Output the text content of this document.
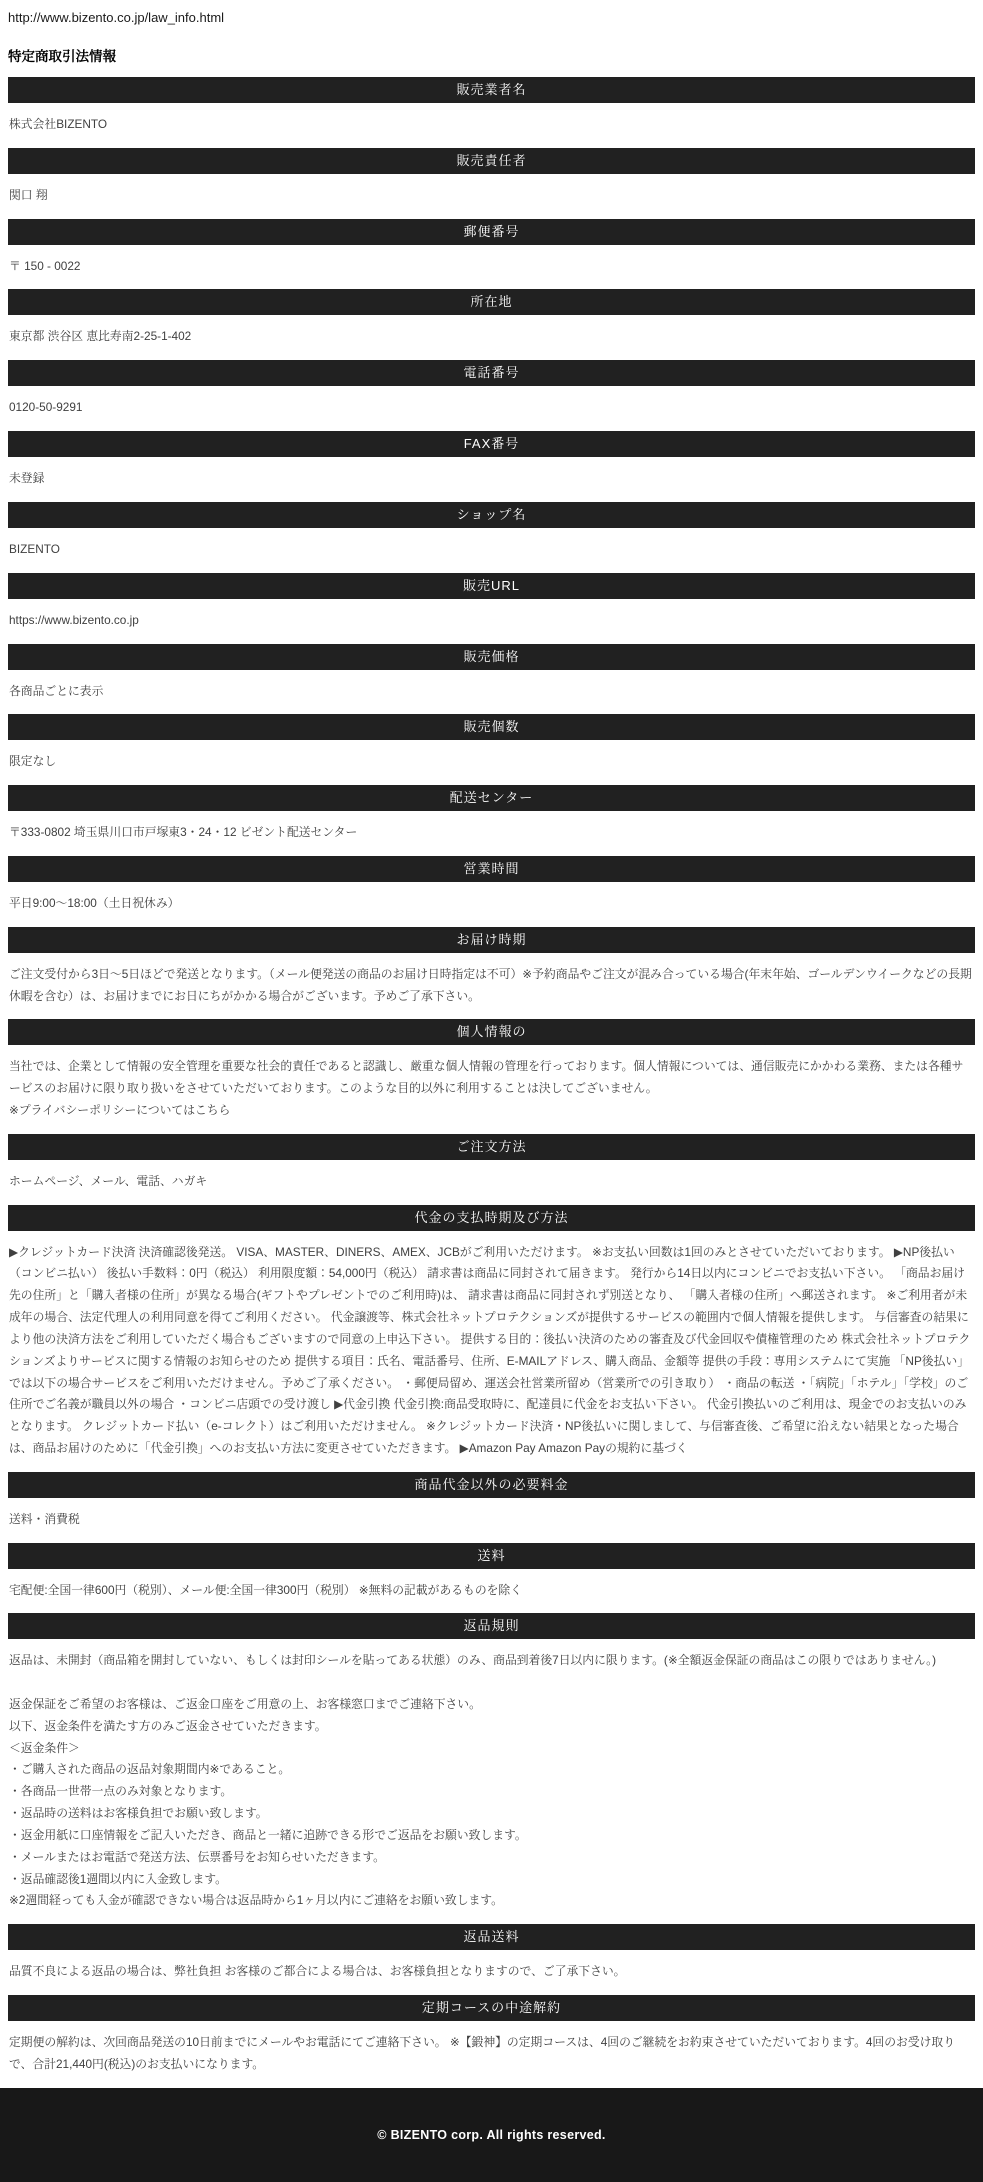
http://www.bizento.co.jp/law_info.html
特定商取引法情報
販売業者名

株式会社BIZENTO

販売責任者

関口 翔

郵便番号

〒 150 - 0022

所在地

東京都 渋谷区 恵比寿南2-25-1-402

電話番号

0120-50-9291

FAX番号

未登録

ショップ名

BIZENTO

販売URL

https://www.bizento.co.jp

販売価格

各商品ごとに表示

販売個数

限定なし

配送センター

〒333-0802 埼玉県川口市戸塚東3・24・12 ビゼント配送センター

営業時間

平日9:00～18:00（土日祝休み）

お届け時期

ご注文受付から3日～5日ほどで発送となります。（メール便発送の商品のお届け日時指定は不可）※予約商品やご注文が混み合っている場合(年末年始、ゴールデンウイークなどの長期休暇を含む）は、お届けまでにお日にちがかかる場合がございます。予めご了承下さい。

個人情報の

当社では、企業として情報の安全管理を重要な社会的責任であると認識し、厳重な個人情報の管理を行っております。個人情報については、通信販売にかかわる業務、または各種サービスのお届けに限り取り扱いをさせていただいております。このような目的以外に利用することは決してございません。

※プライバシーポリシーについてはこちら

ご注文方法

ホームページ、メール、電話、ハガキ

代金の支払時期及び方法

▶クレジットカード決済 決済確認後発送。 VISA、MASTER、DINERS、AMEX、JCBがご利用いただけます。 ※お支払い回数は1回のみとさせていただいております。 ▶NP後払い（コンビニ払い） 後払い手数料：0円（税込） 利用限度額：54,000円（税込） 請求書は商品に同封されて届きます。 発行から14日以内にコンビニでお支払い下さい。 「商品お届け先の住所」と「購入者様の住所」が異なる場合(ギフトやプレゼントでのご利用時)は、 請求書は商品に同封されず別送となり、 「購入者様の住所」へ郵送されます。 ※ご利用者が未成年の場合、法定代理人の利用同意を得てご利用ください。 代金譲渡等、株式会社ネットプロテクションズが提供するサービスの範囲内で個人情報を提供します。 与信審査の結果により他の決済方法をご利用していただく場合もございますので同意の上申込下さい。 提供する目的：後払い決済のための審査及び代金回収や債権管理のため 株式会社ネットプロテクションズよりサービスに関する情報のお知らせのため 提供する項目：氏名、電話番号、住所、E-MAILアドレス、購入商品、金額等 提供の手段：専用システムにて実施 「NP後払い」では以下の場合サービスをご利用いただけません。予めご了承ください。 ・郵便局留め、運送会社営業所留め（営業所での引き取り） ・商品の転送 ・「病院」「ホテル」「学校」のご住所でご名義が職員以外の場合 ・コンビニ店頭での受け渡し ▶代金引換 代金引換:商品受取時に、配達員に代金をお支払い下さい。 代金引換払いのご利用は、現金でのお支払いのみとなります。 クレジットカード払い（e-コレクト）はご利用いただけません。 ※クレジットカード決済・NP後払いに関しまして、与信審査後、ご希望に沿えない結果となった場合は、商品お届けのために「代金引換」へのお支払い方法に変更させていただきます。 ▶Amazon Pay Amazon Payの規約に基づく

商品代金以外の必要料金

送料・消費税

送料

宅配便:全国一律600円（税別）、メール便:全国一律300円（税別） ※無料の記載があるものを除く

返品規則

返品は、未開封（商品箱を開封していない、もしくは封印シールを貼ってある状態）のみ、商品到着後7日以内に限ります。(※全額返金保証の商品はこの限りではありません。)

返金保証をご希望のお客様は、ご返金口座をご用意の上、お客様窓口までご連絡下さい。

以下、返金条件を満たす方のみご返金させていただきます。

＜返金条件＞

・ご購入された商品の返品対象期間内※であること。

・各商品一世帯一点のみ対象となります。

・返品時の送料はお客様負担でお願い致します。

・返金用紙に口座情報をご記入いただき、商品と一緒に追跡できる形でご返品をお願い致します。

・メールまたはお電話で発送方法、伝票番号をお知らせいただきます。

・返品確認後1週間以内に入金致します。

※2週間経っても入金が確認できない場合は返品時から1ヶ月以内にご連絡をお願い致します。

返品送料

品質不良による返品の場合は、弊社負担 お客様のご都合による場合は、お客様負担となりますので、ご了承下さい。

定期コースの中途解約

定期便の解約は、次回商品発送の10日前までにメールやお電話にてご連絡下さい。 ※【鍛神】の定期コースは、4回のご継続をお約束させていただいております。4回のお受け取りで、合計21,440円(税込)のお支払いになります。

© BIZENTO corp. All rights reserved.
